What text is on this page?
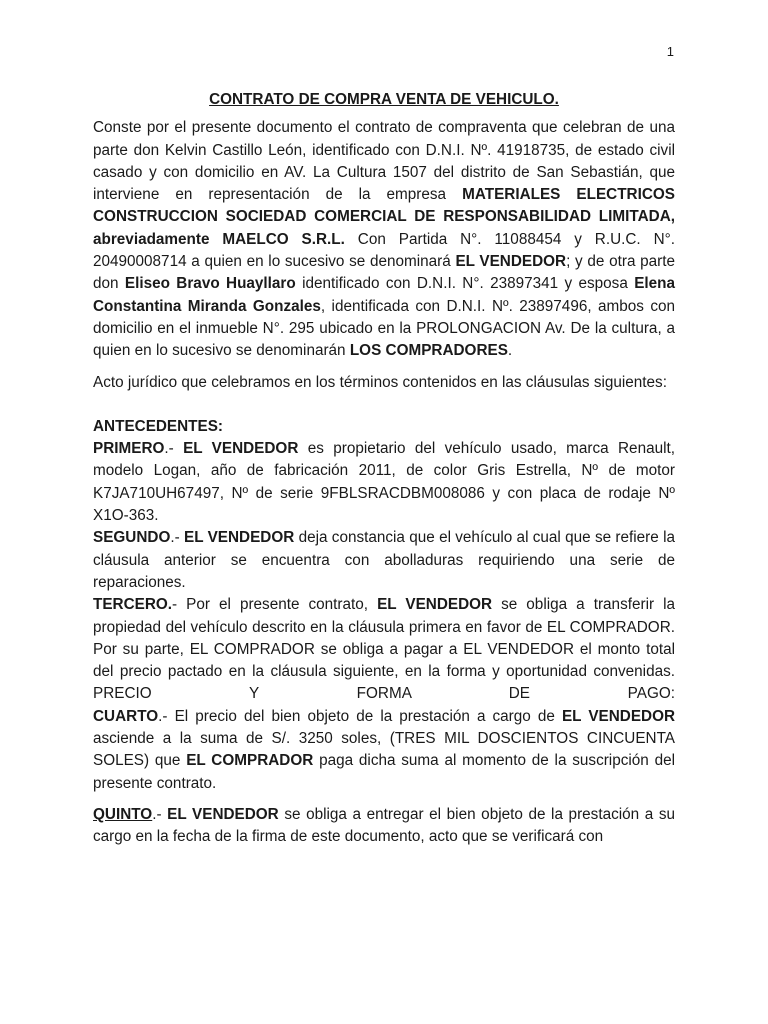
1

CONTRATO DE COMPRA VENTA DE VEHICULO.

Conste por el presente documento el contrato de compraventa que celebran de una parte don Kelvin Castillo León, identificado con D.N.I. Nº. 41918735, de estado civil casado y con domicilio en AV. La Cultura 1507 del distrito de San Sebastián, que interviene en representación de la empresa MATERIALES ELECTRICOS CONSTRUCCION SOCIEDAD COMERCIAL DE RESPONSABILIDAD LIMITADA, abreviadamente MAELCO S.R.L. Con Partida N°. 11088454 y R.U.C. N°. 20490008714 a quien en lo sucesivo se denominará EL VENDEDOR; y de otra parte don Eliseo Bravo Huayllaro identificado con D.N.I. N°. 23897341 y esposa Elena Constantina Miranda Gonzales, identificada con D.N.I. Nº. 23897496, ambos con domicilio en el inmueble N°. 295 ubicado en la PROLONGACION Av. De la cultura, a quien en lo sucesivo se denominarán LOS COMPRADORES.

Acto jurídico que celebramos en los términos contenidos en las cláusulas siguientes:

ANTECEDENTES:

PRIMERO.- EL VENDEDOR es propietario del vehículo usado, marca Renault, modelo Logan, año de fabricación 2011, de color Gris Estrella, Nº de motor K7JA710UH67497, Nº de serie 9FBLSRACDBM008086 y con placa de rodaje Nº X1O-363.

SEGUNDO.- EL VENDEDOR deja constancia que el vehículo al cual que se refiere la cláusula anterior se encuentra con abolladuras requiriendo una serie de reparaciones.

TERCERO.- Por el presente contrato, EL VENDEDOR se obliga a transferir la propiedad del vehículo descrito en la cláusula primera en favor de EL COMPRADOR. Por su parte, EL COMPRADOR se obliga a pagar a EL VENDEDOR el monto total del precio pactado en la cláusula siguiente, en la forma y oportunidad convenidas. PRECIO Y FORMA DE PAGO:

CUARTO.- El precio del bien objeto de la prestación a cargo de EL VENDEDOR asciende a la suma de S/. 3250 soles, (TRES MIL DOSCIENTOS CINCUENTA SOLES) que EL COMPRADOR paga dicha suma al momento de la suscripción del presente contrato.

QUINTO.- EL VENDEDOR se obliga a entregar el bien objeto de la prestación a su cargo en la fecha de la firma de este documento, acto que se verificará con
